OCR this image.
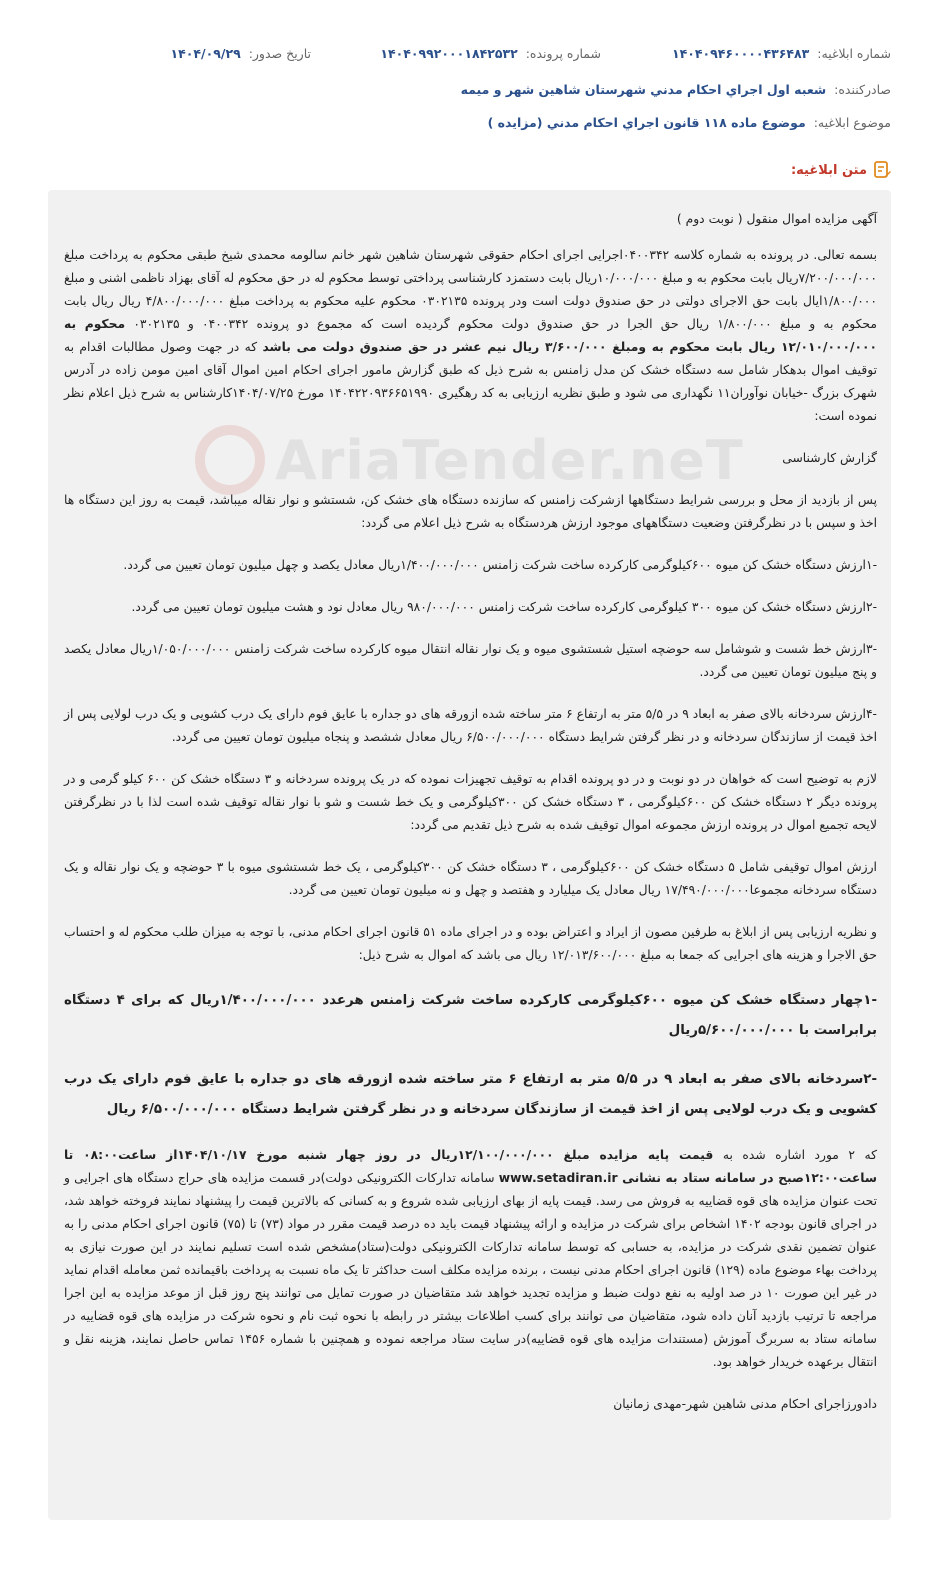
شماره ابلاغیه: ۱۴۰۴۰۹۴۶۰۰۰۰۴۳۶۴۸۳
شماره پرونده: ۱۴۰۴۰۹۹۲۰۰۰۱۸۴۲۵۳۲
تاریخ صدور: ۱۴۰۴/۰۹/۲۹
صادرکننده: شعبه اول اجراي احكام مدني شهرستان شاهين شهر و ميمه
موضوع ابلاغیه: موضوع ماده ۱۱۸ قانون اجراي احكام مدني (مزايده )
متن ابلاغیه:

آگهی مزایده اموال منقول ( نوبت دوم )

بسمه تعالی. در پرونده به شماره کلاسه ۰۴۰۰۳۴۲اجرایی اجرای احکام حقوقی شهرستان شاهین شهر خانم سالومه محمدی شیخ طبقی محکوم به پرداخت مبلغ ۷/۲۰۰/۰۰۰/۰۰۰ریال بابت محکوم به و مبلغ ۱۰/۰۰۰/۰۰۰ریال بابت دستمزد کارشناسی پرداختی توسط محکوم له در حق محکوم له آقای بهزاد ناظمی اشنی و مبلغ ۱/۸۰۰/۰۰۰ایال بابت حق الاجرای دولتی در حق صندوق دولت است ودر پرونده ۰۳۰۲۱۳۵ محکوم علیه محکوم به پرداخت مبلغ ۴/۸۰۰/۰۰۰/۰۰۰ ریال ریال بابت محکوم به و مبلغ ۱/۸۰۰/۰۰۰ ریال حق الجرا در حق صندوق دولت محکوم گردیده است که مجموع دو پرونده ۰۴۰۰۳۴۲ و ۰۳۰۲۱۳۵ محکوم به ۱۲/۰۱۰/۰۰۰/۰۰۰ ریال بابت محکوم به ومبلغ ۳/۶۰۰/۰۰۰ ریال نیم عشر در حق صندوق دولت می باشد که در جهت وصول مطالبات اقدام به توقیف اموال بدهکار شامل سه دستگاه خشک کن مدل زامنس به شرح ذیل که طبق گزارش مامور اجرای احکام امین اموال آقای امین مومن زاده در آدرس شهرک بزرگ -خیابان نوآوران۱۱ نگهداری می شود و طبق نظریه ارزیابی به کد رهگیری ۱۴۰۴۲۲۰۹۳۶۶۵۱۹۹۰ مورخ ۱۴۰۴/۰۷/۲۵کارشناس به شرح ذیل اعلام نظر نموده است:

گزارش کارشناسی

پس از بازدید از محل و بررسی شرایط دستگاهها ازشرکت زامنس که سازنده دستگاه های خشک کن، شستشو و نوار نقاله میباشد، قیمت به روز این دستگاه ها اخذ و سپس با در نظرگرفتن وضعیت دستگاههای موجود ارزش هردستگاه به شرح ذیل اعلام می گردد:

-۱ارزش دستگاه خشک کن میوه ۶۰۰کیلوگرمی کارکرده ساخت شرکت زامنس ۱/۴۰۰/۰۰۰/۰۰۰ریال معادل یکصد و چهل میلیون تومان تعیین می گردد.

-۲ارزش دستگاه خشک کن میوه ۳۰۰ کیلوگرمی کارکرده ساخت شرکت زامنس ۹۸۰/۰۰۰/۰۰۰ ریال معادل نود و هشت میلیون تومان تعیین می گردد.

-۳ارزش خط شست و شوشامل سه حوضچه استیل شستشوی میوه و یک نوار نقاله انتقال میوه کارکرده ساخت شرکت زامنس ۱/۰۵۰/۰۰۰/۰۰۰ریال معادل یکصد و پنج میلیون تومان تعیین می گردد.

-۴ارزش سردخانه بالای صفر به ابعاد ۹ در ۵/۵ متر به ارتفاع ۶ متر ساخته شده ازورقه های دو جداره با عایق فوم دارای یک درب کشویی و یک درب لولایی پس از اخذ قیمت از سازندگان سردخانه و در نظر گرفتن شرایط دستگاه ۶/۵۰۰/۰۰۰/۰۰۰ ریال معادل ششصد و پنجاه میلیون تومان تعیین می گردد.

لازم به توضیح است که خواهان در دو نوبت و در دو پرونده اقدام به توقیف تجهیزات نموده که در یک پرونده سردخانه و ۳ دستگاه خشک کن ۶۰۰ کیلو گرمی و در پرونده دیگر ۲ دستگاه خشک کن ۶۰۰کیلوگرمی ، ۳ دستگاه خشک کن ۳۰۰کیلوگرمی و یک خط شست و شو با نوار نقاله توقیف شده است لذا با در نظرگرفتن لایحه تجمیع اموال در پرونده ارزش مجموعه اموال توقیف شده به شرح ذیل تقدیم می گردد:

ارزش اموال توقیفی شامل ۵ دستگاه خشک کن ۶۰۰کیلوگرمی ، ۳ دستگاه خشک کن ۳۰۰کیلوگرمی ، یک خط شستشوی میوه با ۳ حوضچه و یک نوار نقاله و یک دستگاه سردخانه مجموعا۱۷/۴۹۰/۰۰۰/۰۰۰ ریال معادل یک میلیارد و هفتصد و چهل و نه میلیون تومان تعیین می گردد.

و نظریه ارزیابی پس از ابلاغ به طرفین مصون از ایراد و اعتراض بوده و در اجرای ماده ۵۱ قانون اجرای احکام مدنی، با توجه به میزان طلب محکوم له و احتساب حق الاجرا و هزینه های اجرایی که جمعا به مبلغ ۱۲/۰۱۳/۶۰۰/۰۰۰ ریال می باشد که اموال به شرح ذیل:

-۱چهار دستگاه خشک کن میوه ۶۰۰کیلوگرمی کارکرده ساخت شرکت زامنس هرعدد ۱/۴۰۰/۰۰۰/۰۰۰ریال که برای ۴ دستگاه برابراست با ۵/۶۰۰/۰۰۰/۰۰۰ریال

-۲سردخانه بالای صفر به ابعاد ۹ در ۵/۵ متر به ارتفاع ۶ متر ساخته شده ازورقه های دو جداره با عایق فوم دارای یک درب کشویی و یک درب لولایی پس از اخذ قیمت از سازندگان سردخانه و در نظر گرفتن شرایط دستگاه ۶/۵۰۰/۰۰۰/۰۰۰ ریال

که ۲ مورد اشاره شده به قیمت پایه مزایده مبلغ ۱۲/۱۰۰/۰۰۰/۰۰۰ریال در روز چهار شنبه مورخ ۱۴۰۴/۱۰/۱۷از ساعت۰۸:۰۰ تا ساعت۱۲:۰۰صبح در سامانه ستاد به نشانی www.setadiran.ir سامانه تدارکات الکترونیکی دولت)در قسمت مزایده های حراج دستگاه های اجرایی و تحت عنوان مزایده های قوه قضاییه به فروش می رسد. قیمت پایه از بهای ارزیابی شده شروع و به کسانی که بالاترین قیمت را پیشنهاد نمایند فروخته خواهد شد، در اجرای قانون بودجه ۱۴۰۲ اشخاص برای شرکت در مزایده و ارائه پیشنهاد قیمت باید ده درصد قیمت مقرر در مواد (۷۳) تا (۷۵) قانون اجرای احکام مدنی را به عنوان تضمین نقدی شرکت در مزایده، به حسابی که توسط سامانه تدارکات الکترونیکی دولت(ستاد)مشخص شده است تسلیم نمایند در این صورت نیازی به پرداخت بهاء موضوع ماده (۱۲۹) قانون اجرای احکام مدنی نیست ، برنده مزایده مکلف است حداکثر تا یک ماه نسبت به پرداخت باقیمانده ثمن معامله اقدام نماید در غیر این صورت ۱۰ در صد اولیه به نفع دولت ضبط و مزایده تجدید خواهد شد متقاضیان در صورت تمایل می توانند پنج روز قبل از موعد مزایده به این اجرا مراجعه تا ترتیب بازدید آنان داده شود، متقاضیان می توانند برای کسب اطلاعات بیشتر در رابطه با نحوه ثبت نام و نحوه شرکت در مزایده های قوه قضاییه در سامانه ستاد به سربرگ آموزش (مستندات مزایده های قوه قضاییه)در سایت ستاد مراجعه نموده و همچنین با شماره ۱۴۵۶ تماس حاصل نمایند، هزینه نقل و انتقال برعهده خریدار خواهد بود.

دادورزاجرای احکام مدنی شاهین شهر-مهدی زمانیان
